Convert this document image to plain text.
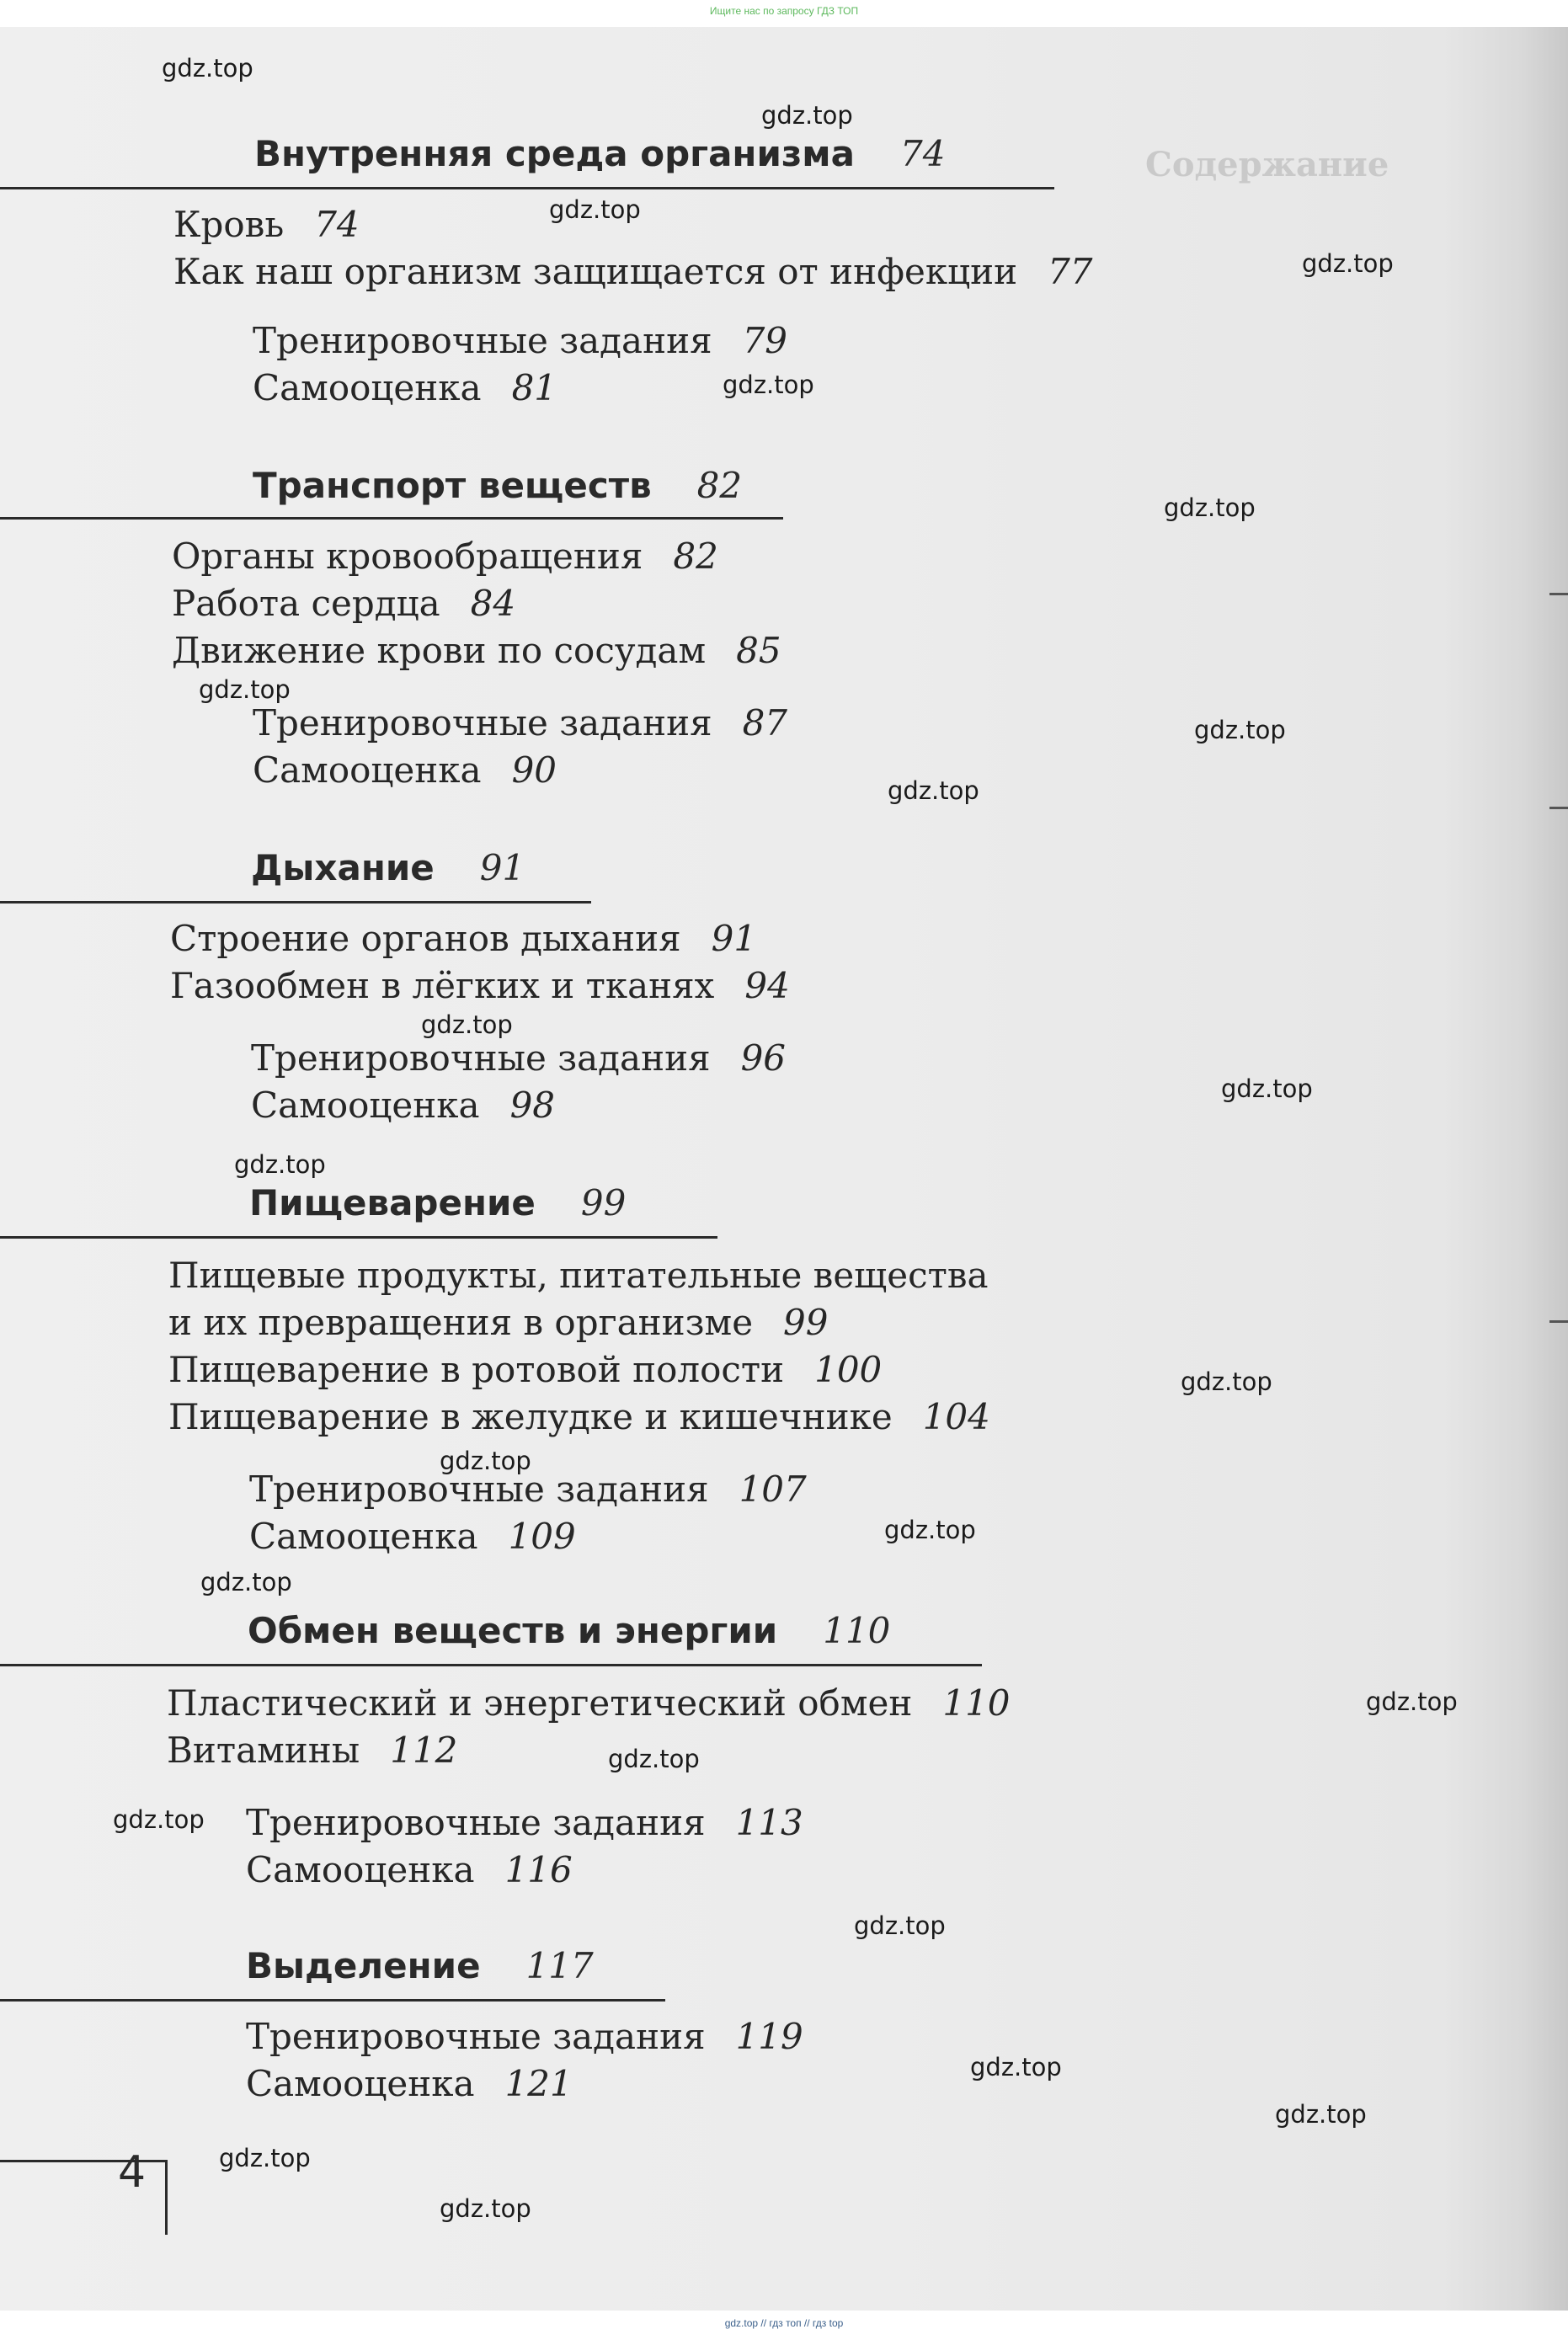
Ищите нас по запросу ГДЗ ТОП
Содержание
Внутренняя среда организма 74
Кровь 74
Как наш организм защищается от инфекции 77
Тренировочные задания 79
Самооценка 81
Транспорт веществ 82
Органы кровообращения 82
Работа сердца 84
Движение крови по сосудам 85
Тренировочные задания 87
Самооценка 90
Дыхание 91
Строение органов дыхания 91
Газообмен в лёгких и тканях 94
Тренировочные задания 96
Самооценка 98
Пищеварение 99
Пищевые продукты, питательные вещества
и их превращения в организме 99
Пищеварение в ротовой полости 100
Пищеварение в желудке и кишечнике 104
Тренировочные задания 107
Самооценка 109
Обмен веществ и энергии 110
Пластический и энергетический обмен 110
Витамины 112
Тренировочные задания 113
Самооценка 116
Выделение 117
Тренировочные задания 119
Самооценка 121
4
gdz.top
gdz.top
gdz.top
gdz.top
gdz.top
gdz.top
gdz.top
gdz.top
gdz.top
gdz.top
gdz.top
gdz.top
gdz.top
gdz.top
gdz.top
gdz.top
gdz.top
gdz.top
gdz.top
gdz.top
gdz.top
gdz.top
gdz.top
gdz.top
gdz.top // гдз топ // гдз top
